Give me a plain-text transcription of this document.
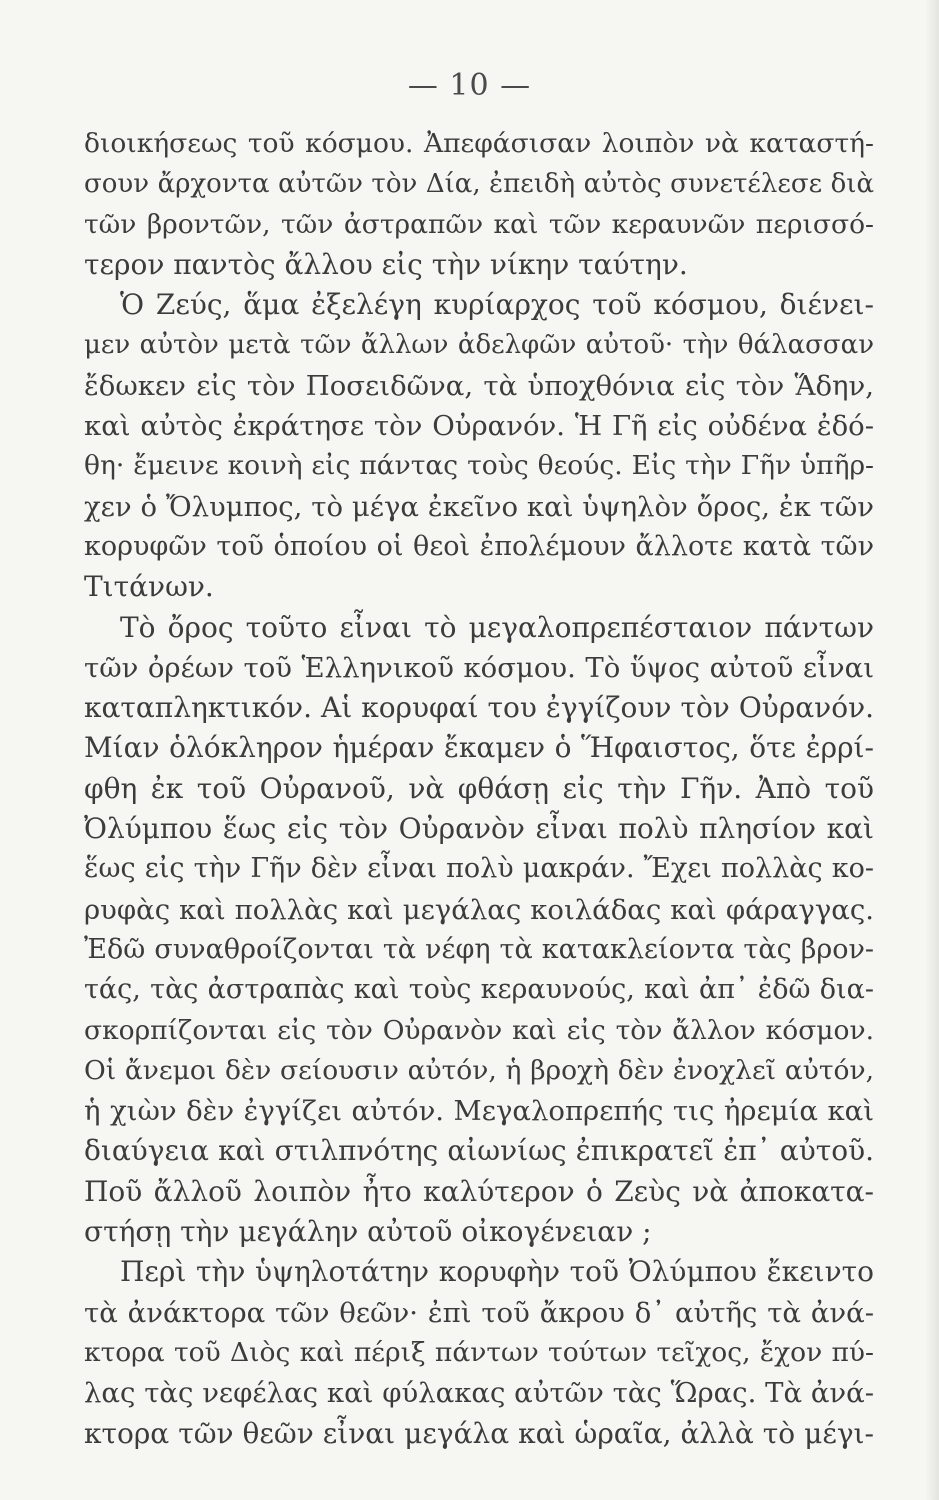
— 10 —
διοικήσεως τοῦ κόσμου. Ἀπεφάσισαν λοιπὸν νὰ καταστή-
σουν ἄρχοντα αὐτῶν τὸν Δία, ἐπειδὴ αὐτὸς συνετέλεσε διὰ
τῶν βροντῶν, τῶν ἀστραπῶν καὶ τῶν κεραυνῶν περισσό-
τερον παντὸς ἄλλου εἰς τὴν νίκην ταύτην.
Ὁ Ζεύς, ἅμα ἐξελέγη κυρίαρχος τοῦ κόσμου, διένει-
μεν αὐτὸν μετὰ τῶν ἄλλων ἀδελφῶν αὐτοῦ· τὴν θάλασσαν
ἔδωκεν εἰς τὸν Ποσειδῶνα, τὰ ὑποχθόνια εἰς τὸν Ἅδην,
καὶ αὐτὸς ἐκράτησε τὸν Οὐρανόν. Ἡ Γῆ εἰς οὐδένα ἐδό-
θη· ἔμεινε κοινὴ εἰς πάντας τοὺς θεούς. Εἰς τὴν Γῆν ὑπῆρ-
χεν ὁ Ὄλυμπος, τὸ μέγα ἐκεῖνο καὶ ὑψηλὸν ὄρος, ἐκ τῶν
κορυφῶν τοῦ ὁποίου οἱ θεοὶ ἐπολέμουν ἄλλοτε κατὰ τῶν
Τιτάνων.
Τὸ ὄρος τοῦτο εἶναι τὸ μεγαλοπρεπέσταιον πάντων
τῶν ὀρέων τοῦ Ἑλληνικοῦ κόσμου. Τὸ ὕψος αὐτοῦ εἶναι
καταπληκτικόν. Αἱ κορυφαί του ἐγγίζουν τὸν Οὐρανόν.
Μίαν ὁλόκληρον ἡμέραν ἔκαμεν ὁ Ἥφαιστος, ὅτε ἐρρί-
φθη ἐκ τοῦ Οὐρανοῦ, νὰ φθάσῃ εἰς τὴν Γῆν. Ἀπὸ τοῦ
Ὀλύμπου ἕως εἰς τὸν Οὐρανὸν εἶναι πολὺ πλησίον καὶ
ἕως εἰς τὴν Γῆν δὲν εἶναι πολὺ μακράν. Ἔχει πολλὰς κο-
ρυφὰς καὶ πολλὰς καὶ μεγάλας κοιλάδας καὶ φάραγγας.
Ἐδῶ συναθροίζονται τὰ νέφη τὰ κατακλείοντα τὰς βρον-
τάς, τὰς ἀστραπὰς καὶ τοὺς κεραυνούς, καὶ ἀπ᾽ ἐδῶ δια-
σκορπίζονται εἰς τὸν Οὐρανὸν καὶ εἰς τὸν ἄλλον κόσμον.
Οἱ ἄνεμοι δὲν σείουσιν αὐτόν, ἡ βροχὴ δὲν ἐνοχλεῖ αὐτόν,
ἡ χιὼν δὲν ἐγγίζει αὐτόν. Μεγαλοπρεπής τις ἠρεμία καὶ
διαύγεια καὶ στιλπνότης αἰωνίως ἐπικρατεῖ ἐπ᾽ αὐτοῦ.
Ποῦ ἄλλοῦ λοιπὸν ἦτο καλύτερον ὁ Ζεὺς νὰ ἀποκατα-
στήσῃ τὴν μεγάλην αὐτοῦ οἰκογένειαν ;
Περὶ τὴν ὑψηλοτάτην κορυφὴν τοῦ Ὀλύμπου ἔκειντο
τὰ ἀνάκτορα τῶν θεῶν· ἐπὶ τοῦ ἄκρου δ᾽ αὐτῆς τὰ ἀνά-
κτορα τοῦ Διὸς καὶ πέριξ πάντων τούτων τεῖχος, ἔχον πύ-
λας τὰς νεφέλας καὶ φύλακας αὐτῶν τὰς Ὥρας. Τὰ ἀνά-
κτορα τῶν θεῶν εἶναι μεγάλα καὶ ὡραῖα, ἀλλὰ τὸ μέγι-
